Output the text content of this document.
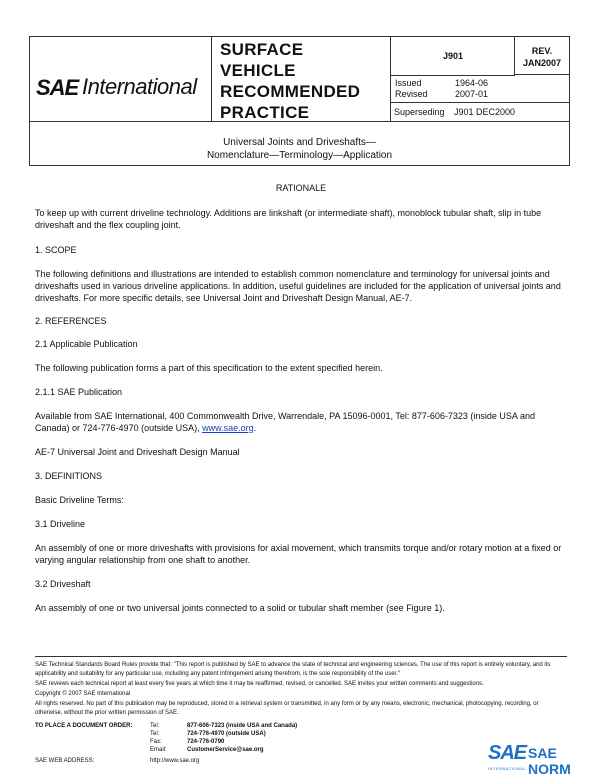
SAE International
SURFACE
VEHICLE
RECOMMENDED
PRACTICE
J901
Issued	1964-06
Revised	2007-01
REV.
JAN2007
Superseding J901 DEC2000
Universal Joints and Driveshafts—
Nomenclature—Terminology—Application

RATIONALE

To keep up with current driveline technology. Additions are linkshaft (or intermediate shaft), monoblock tubular shaft, slip in tube driveshaft and the flex coupling joint.

1. SCOPE

The following definitions and illustrations are intended to establish common nomenclature and terminology for universal joints and driveshafts used in various driveline applications. In addition, useful guidelines are included for the application of universal joints and driveshafts. For more specific details, see Universal Joint and Driveshaft Design Manual, AE-7.

2. REFERENCES

2.1 Applicable Publication

The following publication forms a part of this specification to the extent specified herein.

2.1.1 SAE Publication

Available from SAE International, 400 Commonwealth Drive, Warrendale, PA 15096-0001, Tel: 877-606-7323 (inside USA and Canada) or 724-776-4970 (outside USA), www.sae.org.

AE-7 Universal Joint and Driveshaft Design Manual

3. DEFINITIONS

Basic Driveline Terms:

3.1 Driveline

An assembly of one or more driveshafts with provisions for axial movement, which transmits torque and/or rotary motion at a fixed or varying angular relationship from one shaft to another.

3.2 Driveshaft

An assembly of one or two universal joints connected to a solid or tubular shaft member (see Figure 1).

SAE Technical Standards Board Rules provide that: "This report is published by SAE to advance the state of technical and engineering sciences. The use of this report is entirely voluntary, and its applicability and suitability for any particular use, including any patent infringement arising therefrom, is the sole responsibility of the user."

SAE reviews each technical report at least every five years at which time it may be reaffirmed, revised, or cancelled. SAE invites your written comments and suggestions.

Copyright © 2007 SAE International

All rights reserved. No part of this publication may be reproduced, stored in a retrieval system or transmitted, in any form or by any means, electronic, mechanical, photocopying, recording, or otherwise, without the prior written permission of SAE.

TO PLACE A DOCUMENT ORDER:	Tel:	877-606-7323 (inside USA and Canada)
Tel:	724-776-4970 (outside USA)
Fax:	724-776-0790
Email:	CustomerService@sae.org
SAE WEB ADDRESS:	http://www.sae.org	SAE SAE NORM
INTERNATIONAL
